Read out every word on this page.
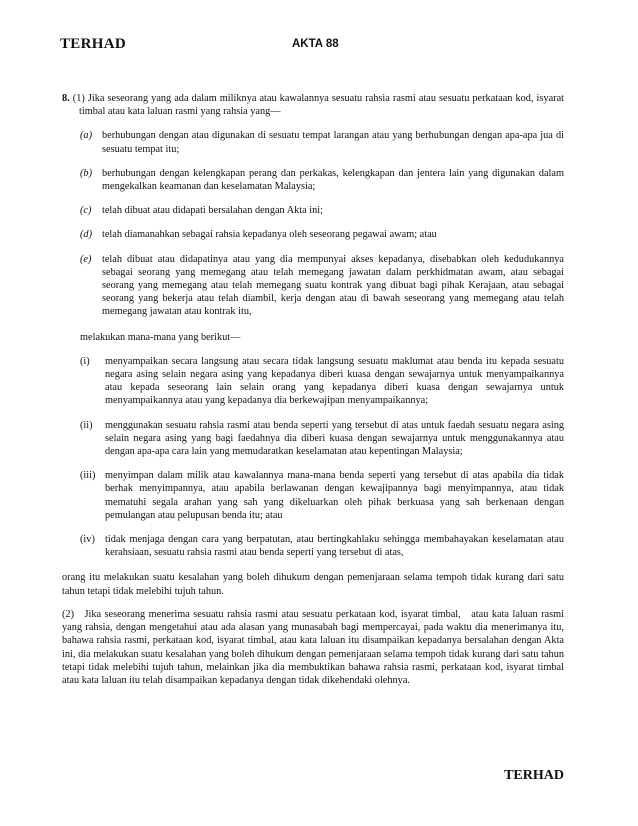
TERHAD	AKTA 88
8. (1) Jika seseorang yang ada dalam miliknya atau kawalannya sesuatu rahsia rasmi atau sesuatu perkataan kod, isyarat timbal atau kata laluan rasmi yang rahsia yang—
(a) berhubungan dengan atau digunakan di sesuatu tempat larangan atau yang berhubungan dengan apa-apa jua di sesuatu tempat itu;
(b) berhubungan dengan kelengkapan perang dan perkakas, kelengkapan dan jentera lain yang digunakan dalam mengekalkan keamanan dan keselamatan Malaysia;
(c)	telah dibuat atau didapati bersalahan dengan Akta ini;
(d) telah diamanahkan sebagai rahsia kepadanya oleh seseorang pegawai awam; atau
(e)	telah dibuat atau didapatinya atau yang dia mempunyai akses kepadanya, disebabkan oleh kedudukannya sebagai seorang yang memegang atau telah memegang jawatan dalam perkhidmatan awam, atau sebagai seorang yang memegang atau telah memegang suatu kontrak yang dibuat bagi pihak Kerajaan, atau sebagai seorang yang bekerja atau telah diambil, kerja dengan atau di bawah seseorang yang memegang atau telah memegang jawatan atau kontrak itu,
melakukan mana-mana yang berikut—
(i)	menyampaikan secara langsung atau secara tidak langsung sesuatu maklumat atau benda itu kepada sesuatu negara asing selain negara asing yang kepadanya diberi kuasa dengan sewajarnya untuk menyampaikannya atau kepada seseorang lain selain orang yang kepadanya diberi kuasa dengan sewajarnya untuk menyampaikannya atau yang kepadanya dia berkewajipan menyampaikannya;
(ii)	menggunakan sesuatu rahsia rasmi atau benda seperti yang tersebut di atas untuk faedah sesuatu negara asing selain negara asing yang bagi faedahnya dia diberi kuasa dengan sewajarnya untuk menggunakannya atau dengan apa-apa cara lain yang memudaratkan keselamatan atau kepentingan Malaysia;
(iii) menyimpan dalam milik atau kawalannya mana-mana benda seperti yang tersebut di atas apabila dia tidak berhak menyimpannya, atau apabila berlawanan dengan kewajipannya bagi menyimpannya, atau tidak mematuhi segala arahan yang sah yang dikeluarkan oleh pihak berkuasa yang sah berkenaan dengan pemulangan atau pelupusan benda itu; atau
(iv) tidak menjaga dengan cara yang berpatutan, atau bertingkahlaku sehingga membahayakan keselamatan atau kerahsiaan, sesuatu rahsia rasmi atau benda seperti yang tersebut di atas,
orang itu melakukan suatu kesalahan yang boleh dihukum dengan pemenjaraan selama tempoh tidak kurang dari satu tahun tetapi tidak melebihi tujuh tahun.
(2)   Jika seseorang menerima sesuatu rahsia rasmi atau sesuatu perkataan kod, isyarat timbal,   atau kata laluan rasmi yang rahsia, dengan mengetahui atau ada alasan yang munasabah bagi mempercayai, pada waktu dia menerimanya itu, bahawa rahsia rasmi, perkataan kod, isyarat timbal, atau kata laluan itu disampaikan kepadanya bersalahan dengan Akta ini, dia melakukan suatu kesalahan yang boleh dihukum dengan pemenjaraan selama tempoh tidak kurang dari satu tahun tetapi tidak melebihi tujuh tahun, melainkan jika dia membuktikan bahawa rahsia rasmi, perkataan kod, isyarat timbal atau kata laluan itu telah disampaikan kepadanya dengan tidak dikehendaki olehnya.
TERHAD
